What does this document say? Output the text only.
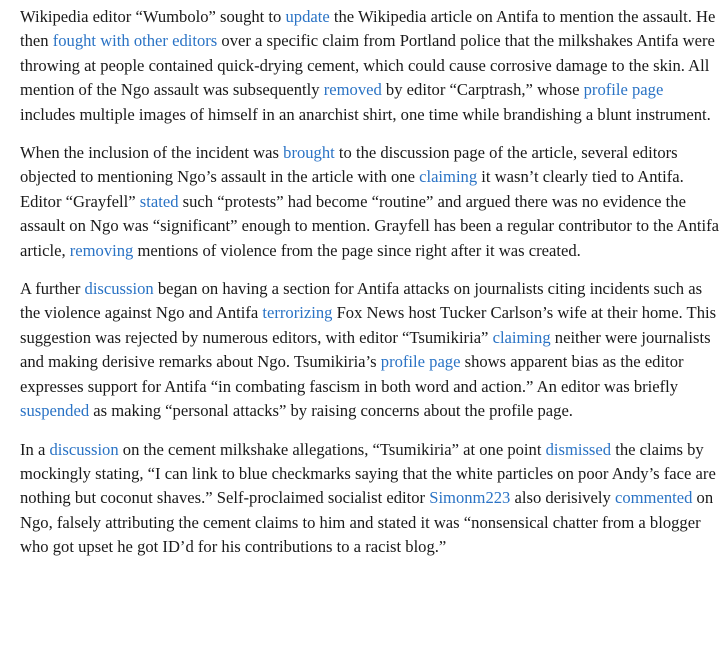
Wikipedia editor “Wumbolo” sought to update the Wikipedia article on Antifa to mention the assault. He then fought with other editors over a specific claim from Portland police that the milkshakes Antifa were throwing at people contained quick-drying cement, which could cause corrosive damage to the skin. All mention of the Ngo assault was subsequently removed by editor “Carptrash,” whose profile page includes multiple images of himself in an anarchist shirt, one time while brandishing a blunt instrument.

When the inclusion of the incident was brought to the discussion page of the article, several editors objected to mentioning Ngo’s assault in the article with one claiming it wasn’t clearly tied to Antifa. Editor “Grayfell” stated such “protests” had become “routine” and argued there was no evidence the assault on Ngo was “significant” enough to mention. Grayfell has been a regular contributor to the Antifa article, removing mentions of violence from the page since right after it was created.

A further discussion began on having a section for Antifa attacks on journalists citing incidents such as the violence against Ngo and Antifa terrorizing Fox News host Tucker Carlson’s wife at their home. This suggestion was rejected by numerous editors, with editor “Tsumikiria” claiming neither were journalists and making derisive remarks about Ngo. Tsumikiria’s profile page shows apparent bias as the editor expresses support for Antifa “in combating fascism in both word and action.” An editor was briefly suspended as making “personal attacks” by raising concerns about the profile page.

In a discussion on the cement milkshake allegations, “Tsumikiria” at one point dismissed the claims by mockingly stating, “I can link to blue checkmarks saying that the white particles on poor Andy’s face are nothing but coconut shaves.” Self-proclaimed socialist editor Simonm223 also derisively commented on Ngo, falsely attributing the cement claims to him and stated it was “nonsensical chatter from a blogger who got upset he got ID’d for his contributions to a racist blog.”
